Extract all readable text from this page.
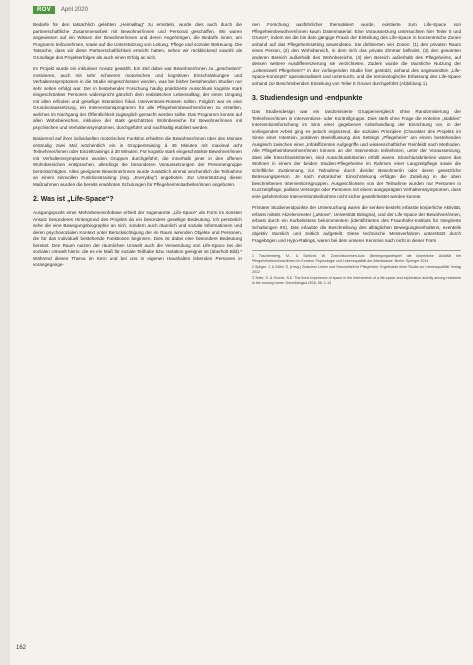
ROV	April 2020

Bedarfe für den tatsächlich gelebten „Heimalltag“ zu ermitteln, wurde dies auch durch die partnerschaftliche Zusammenarbeit mit Bewohner/innen und Personal geschaffen. Wir waren angewiesen auf ein Wissen der Bewohner/innen und deren Angehörigen, die Bedarfe innen, am Programm teilzunehmen, sowie auf die Unterstützung von Leitung, Pflege und sozialer Betreuung. Die Tatsache, dass wir diese Partnerschaftlichkeit erreicht hatten, sehen wir rückblickend sowohl als Grundlage des Projekterfolges als auch einen Erfolg an sich.

Im Projekt wurde ein inklusiver Ansatz gewählt. Ein Ziel dabei war Bewohner/innen zu „gescheitern“ motivieren, auch mit sehr schweren motorischen und kognitiven Einschränkungen und Verhaltenssymptomen in die Studie eingeschlossen werden, was bei bisher bestehenden Studien nur sehr selten erfolgt war. Der in bestehender Forschung häufig praktizierte Ausschluss kognitiv stark eingeschränkter Personen widerspricht gänzlich dem realistischen Lebensalltag, der einen Umgang mit allen erfinden und gesellige Interaktion fokal. Interventions-Rossen sollen. Folglich war es eine Grundvoraussetzung, ein Interventionsprogramm für alle Pflegeheimbewohner/innen zu erstellen, welches im Nachgang der Öffentlichkeit zugänglich gemacht werden sollte. Das Programm konnte auf allen Wohnbereichen, inklusive der stark geschützten Wohnbereiche für Bewohner/innen mit psychischen und Verhaltenssymptomen, durchgeführt und nachhaltig etabliert werden.

Basierend auf ihrer individuellen motorischen Funktion erhielten die Bewohner/innen über den Monats erstmalig zwei Mal wöchentlich ein in Gruppentraining á 45 Minuten mit maximal acht Teilnehmer/innen oder Einzeltrainings á 30 Minuten. Für kognitiv stark eingeschränkte Bewohner/innen mit Verhaltenssymptomen wurden Gruppen durchgeführt, die innerhalb jener in den offenen Wohnbereichen entsprachen, allerdings die besonderen Voraussetzungen der Personengruppe berücksichtigten. Alles geeignete Bewohner/innen wurde zusätzlich einmal wöchentlich die Teilnahme an einem sinnvollen Funktionstraining (sog. „Everyday“) angeboten. Zur Unterstützung dieser Maßnahmen wurden die bereits erwähnten Schulungen für Pflegeheimmitarbeiter/innen angeboten.

2. Was ist „Life-Space“?

Ausgangspunkt einer Mehrebeneninfobase erhielt der sogenannte „Life-Space“ als Form im sonsten Ansatz besonderes Hintergrund des Projekts da ein besonders gesellige Bedeutung. Ich persönlich sehe die eine Bewegungsbiographie an sich, sondern auch räumlich und soziale Informationen und deren psychosozialen Kontext unter Berücksichtigung der im Raum wirenden Objekte und Personen, die für das individuell bestehende Funktionen beginnen. Dies ist dabei eine besondere Bedeutung bereitet. Den Raum nutzen der räumlichen Umwelt auch die Verwendung von Life-Space bei der sozialen Umwelt hierin: die es ein Maß für soziale Teilhabe bzw. Isolation geeignet ist (überholt Bild).* Während dieses Thema im Kern und bei uns in eigenen Haushalten lebenden Personen in vorangegange-

nen Forschung ausführlicher thematisiert wurde, existierte zum Life-Space von Pflegeheimbewohner/innen kaum Datenmaterial. Eine Voraussetzung untersuchten hier Teiler 5 und Gruner*, indem sie die bis dato gängige Praxis der Einteilung des Life-Space in konzentrische Zonen anhand auf das Pflegeheimsetting anwendeten. Sie definierten vier Zonen: (1) den privaten Raum eines Person, (2) den Wohnbereich, in dem sich das private Zimmer befindet, (3) den gesamten anderen Bereich außerhalb des Wohnbereichs, (4) den Bereich außerhalb des Pflegeheims, auf dessen weitere Ausdifferenzierung sie verzichteten. Zudem wurde die räumliche Nutzung der „Lebenswelt Pflegeheim“* in der vorliegenden Studie hier gestützt, anhand des angewandten „Life-Space-Konzepts“ operationalisiert und untersucht, und die terminologische Erfassung des Life-Space anhand zur Beschreibenden Einteilung von Teiler 5 Gruner durchgeführt (Abbildung 1).

3. Studiendesign und -endpunkte

Das Studiendesign war ein randomisierte Gruppenvergleich ohne Randomisierung der Teilnehmer/innen in Interventions- oder Kontrollgruppe. Dies stellt ohne Frage die Kriterien „stabilen“ Interventionsforschung im Sinn einer gegebenen Anbehandlung der Einrichtung vor, in der vorliegenden Arbeit ging es jedoch ergänzend, die sozialen Prinzipien (Charakter des Projekts im Sinne einer Intention, positiven Beeinflussung des Settings „Pflegeheim“ am einem bestehenden Ausgleich zwischen einer „Infokiffizenten Aufgegriffe und wissenschaftlicher Reinfeldt nach Methoden. Alle Pflegeheimbewohner/innen können an der Intervention teilnehmen, unter der Voraussetzung, dass alle Einschlusskriterien, sind Ausschlusskriterien erfüllt waren. Einschlusskriterien waren das Wohnen in einem der beiden Studien-Pflegeheime im Rahmen einer Langzeitpflege sowie die schriftliche Zustimmung zur Teilnahme durch die/der Bewohner/in oder deren gesetzliche Betreuungsperson. Je nach motorischer Einschränkung erfolgte die Zuteilung in die oben beschriebenen Interventionsgruppen. Ausgeschlossen von der Teilnahme wurden nur Personen in Kurzzeitpflege, palliativ Versorgte oder Personen mit einem ausgeprägten Verhaltenssymptomen, dass eine gefahrenlose Interventionsteilnahme nicht sicher gewährleistet werden konnte.

Primärer Studienendpunkte der Untersuchung waren die senken-besteht erfasste körperliche Aktivität, erfasst mittels Akzelerometer („uMove“, Universität Bologna), und der Life-Space der Bewohner/innen, erfasst durch ein Kurbelsstoss bekommentem (identifizierten des Fraunhofer-Instituts für Integrierte Schaltungen IIS). Das erlaubte die Beschreibung des alltäglichen Bewegungsverhaltens, eventeils objektiv räumlich und zeitlich aufgeteilt. Diese technische Messverfahren unterstützt durch Fragebögen und Hypo-Ratings, waren bei dem unserer Kenntnis nach nicht in dieser Form

1 Trachtenberg, M., & Schlicht, W. Zurechtkommen-kurz (Bewegungsbeispiel die körperliche Aktivität bei Pflegeheimbewohner/innen im Kontext: Psychologie und Lebensqualität der Altersklasse. Berlin: Springer 2014
2 Spilger, J. & Stöhr, S. (Hrsg.) Zwischen Leben und Gesundheit im Pflegeheim: Ergebnisse einer Studie zur Lebensqualität. Verlag 2012
3 Teiler, S. & Gruner, S.E. The lived experience of space in the intervention of a life-space and exploration activity among residents in the nursing home. Gerontologist 2016; 56: 1-13
162
